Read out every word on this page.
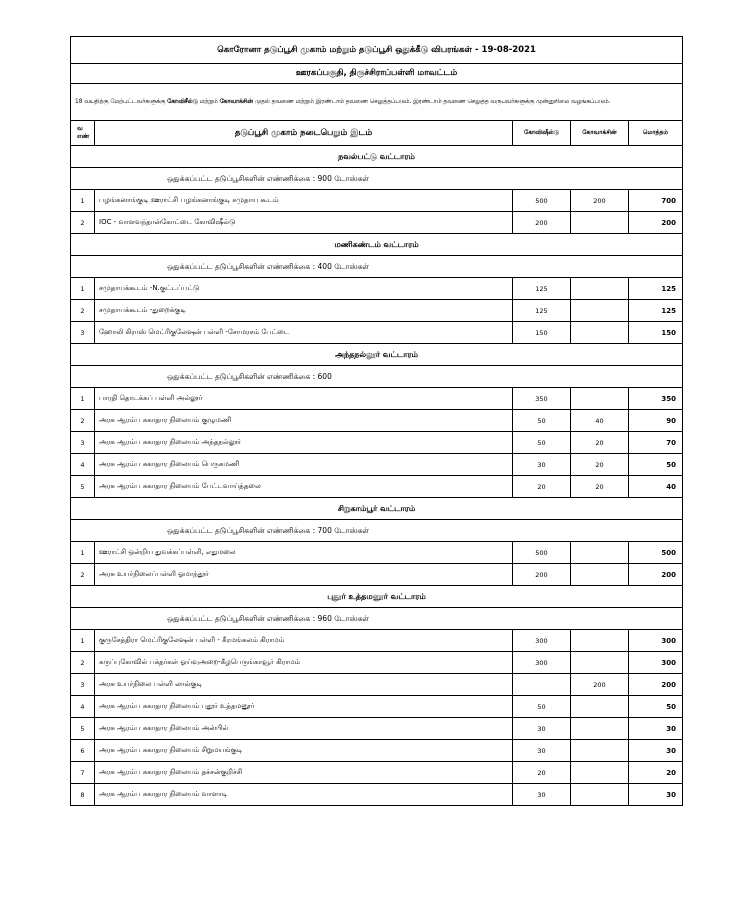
கொரோனா தடுப்பூசி முகாம் மற்றும் தடுப்பூசி ஒதுக்கீடு விபரங்கள் - 19-08-2021				
ஊரகப்பகுதி, திருச்சிராப்பள்ளி மாவட்டம்				
18 வயதிற்கு மேற்பட்டவர்களுக்கு கோவிசீல்டு மற்றும் கோவாக்சின் முதல் தவணை மற்றும் இரண்டாம் தவணை செலுத்தப்படும். இரண்டாம் தவணை செலுத்த வருபவர்களுக்கு முன்னுரிமை வழங்கப்படும்.				
வ எண்	தடுப்பூசி முகாம் நடைபெறும் இடம்	கோவிஷீல்டு	கோவாக்சின்	மொத்தம்
நவல்பட்டு வட்டாரம்				
ஒதுக்கப்பட்ட தடுப்பூசிகளின் எண்ணிக்கை : 900 டோஸ்கள்				
1	பழங்கனாங்குடி ஊராட்சி பழங்கனாங்குடி சமுதாய கூடம்	500	200	700
2	IOC - வாளவந்தான்கோட்டை கோவிஷீல்டு	200		200
மணிகண்டம் வட்டாரம்				
ஒதுக்கப்பட்ட தடுப்பூசிகளின் எண்ணிக்கை : 400 டோஸ்கள்				
1	சமுதாயக்கூடம் -N.குட்டப்பட்டு	125		125
2	சமுதாயக்கூடம் -துறைக்குடி	125		125
3	ஹோலி கிராஸ் மெட்ரிகுலேஷன் பள்ளி -சோமரசம் பேட்டை	150		150
அந்தநல்லூர் வட்டாரம்				
ஒதுக்கப்பட்ட தடுப்பூசிகளின் எண்ணிக்கை : 600				
1	பாரதி தொடக்கப் பள்ளி அல்லூர்	350		350
2	அரசு ஆரம்ப சுகாதார நிலையம் குழுமணி	50	40	90
3	அரசு ஆரம்ப சுகாதார நிலையம் அந்தநல்லூர்	50	20	70
4	அரசு ஆரம்ப சுகாதார நிலையம் பெருகமணி	30	20	50
5	அரசு ஆரம்ப சுகாதார நிலையம் பேட்டவாய்த்தலை	20	20	40
சிறுகாம்பூர் வட்டாரம்				
ஒதுக்கப்பட்ட தடுப்பூசிகளின் எண்ணிக்கை : 700 டோஸ்கள்				
1	ஊராட்சி ஒன்றிய துவக்கப்பள்ளி, எதுமலை	500		500
2	அரசு உயர்நிலைப்பள்ளி ஓமாந்தூர்	200		200
புதூர் உத்தமனூர் வட்டாரம்				
ஒதுக்கப்பட்ட தடுப்பூசிகளின் எண்ணிக்கை : 960 டோஸ்கள்				
1	குருசேத்திரா மெட்ரிகுலேஷன் பள்ளி - கீரமங்கலம் கிராமம்	300		300
2	கருப்புகோவில் பக்தர்கள் ஓய்வுஅறை-கீழபெருங்காவூர் கிராமம்	300		300
3	அரசு உயர்நிலை பள்ளி லால்குடி		200	200
4	அரசு ஆரம்ப சுகாதார நிலையம் புதூர் உத்தமனூர்	50		50
5	அரசு ஆரம்ப சுகாதார நிலையம் அன்பில்	30		30
6	அரசு ஆரம்ப சுகாதார நிலையம் சிறுமயங்குடி	30		30
7	அரசு ஆரம்ப சுகாதார நிலையம் தச்சன்குறிச்சி	20		20
8	அரசு ஆரம்ப சுகாதார நிலையம் வாளாடி	30		30
